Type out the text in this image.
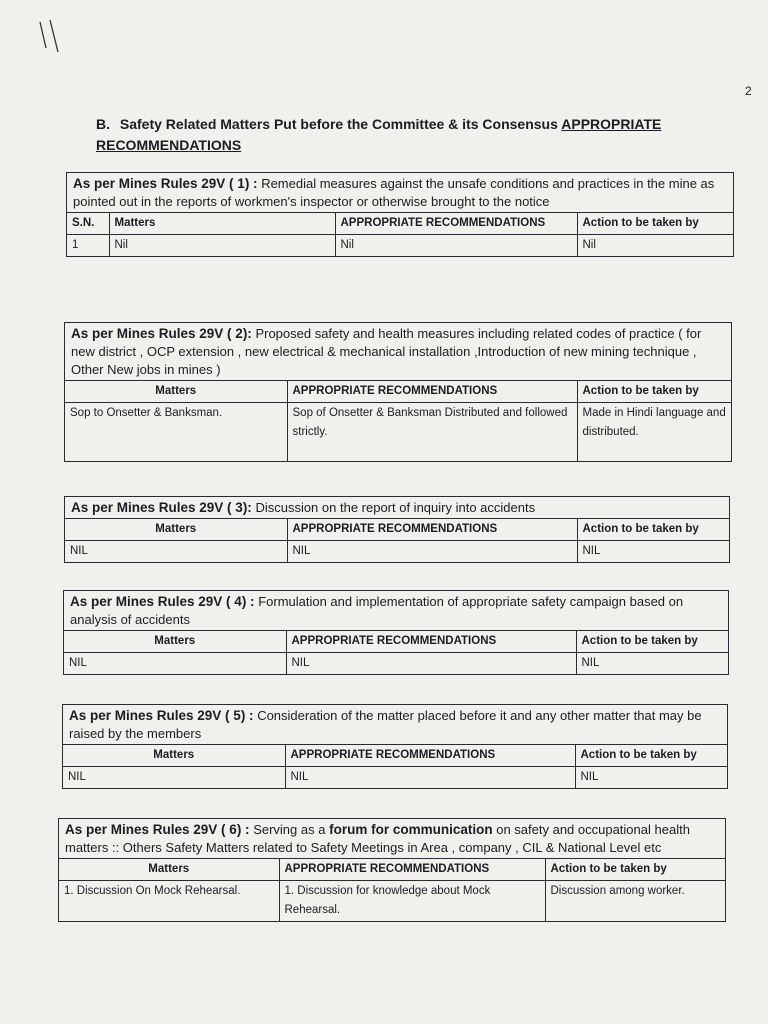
2
B. Safety Related Matters Put before the Committee & its Consensus APPROPRIATE
RECOMMENDATIONS
As per Mines Rules 29V ( 1) : Remedial measures against the unsafe conditions and practices in the mine as pointed out in the reports of workmen's inspector or otherwise brought to the notice
S.N.	Matters	APPROPRIATE RECOMMENDATIONS	Action to be taken by
1	Nil	Nil	Nil
As per Mines Rules 29V ( 2): Proposed safety and health measures including related codes of practice ( for new district , OCP extension , new electrical & mechanical installation ,Introduction of new mining technique , Other New jobs in mines )
Matters	APPROPRIATE RECOMMENDATIONS	Action to be taken by
Sop to Onsetter & Banksman.	Sop of Onsetter & Banksman Distributed and followed strictly.	Made in Hindi language and distributed.
As per Mines Rules 29V ( 3): Discussion on the report of inquiry into accidents
Matters	APPROPRIATE RECOMMENDATIONS	Action to be taken by
NIL	NIL	NIL
As per Mines Rules 29V ( 4) : Formulation and implementation of appropriate safety campaign based on analysis of accidents
Matters	APPROPRIATE RECOMMENDATIONS	Action to be taken by
NIL	NIL	NIL
As per Mines Rules 29V ( 5) : Consideration of the matter placed before it and any other matter that may be raised by the members
Matters	APPROPRIATE RECOMMENDATIONS	Action to be taken by
NIL	NIL	NIL
As per Mines Rules 29V ( 6) : Serving as a forum for communication on safety and occupational health matters :: Others Safety Matters related to Safety Meetings in Area , company , CIL & National Level etc
Matters	APPROPRIATE RECOMMENDATIONS	Action to be taken by
1. Discussion On Mock Rehearsal.	1. Discussion for knowledge about Mock Rehearsal.	Discussion among worker.
